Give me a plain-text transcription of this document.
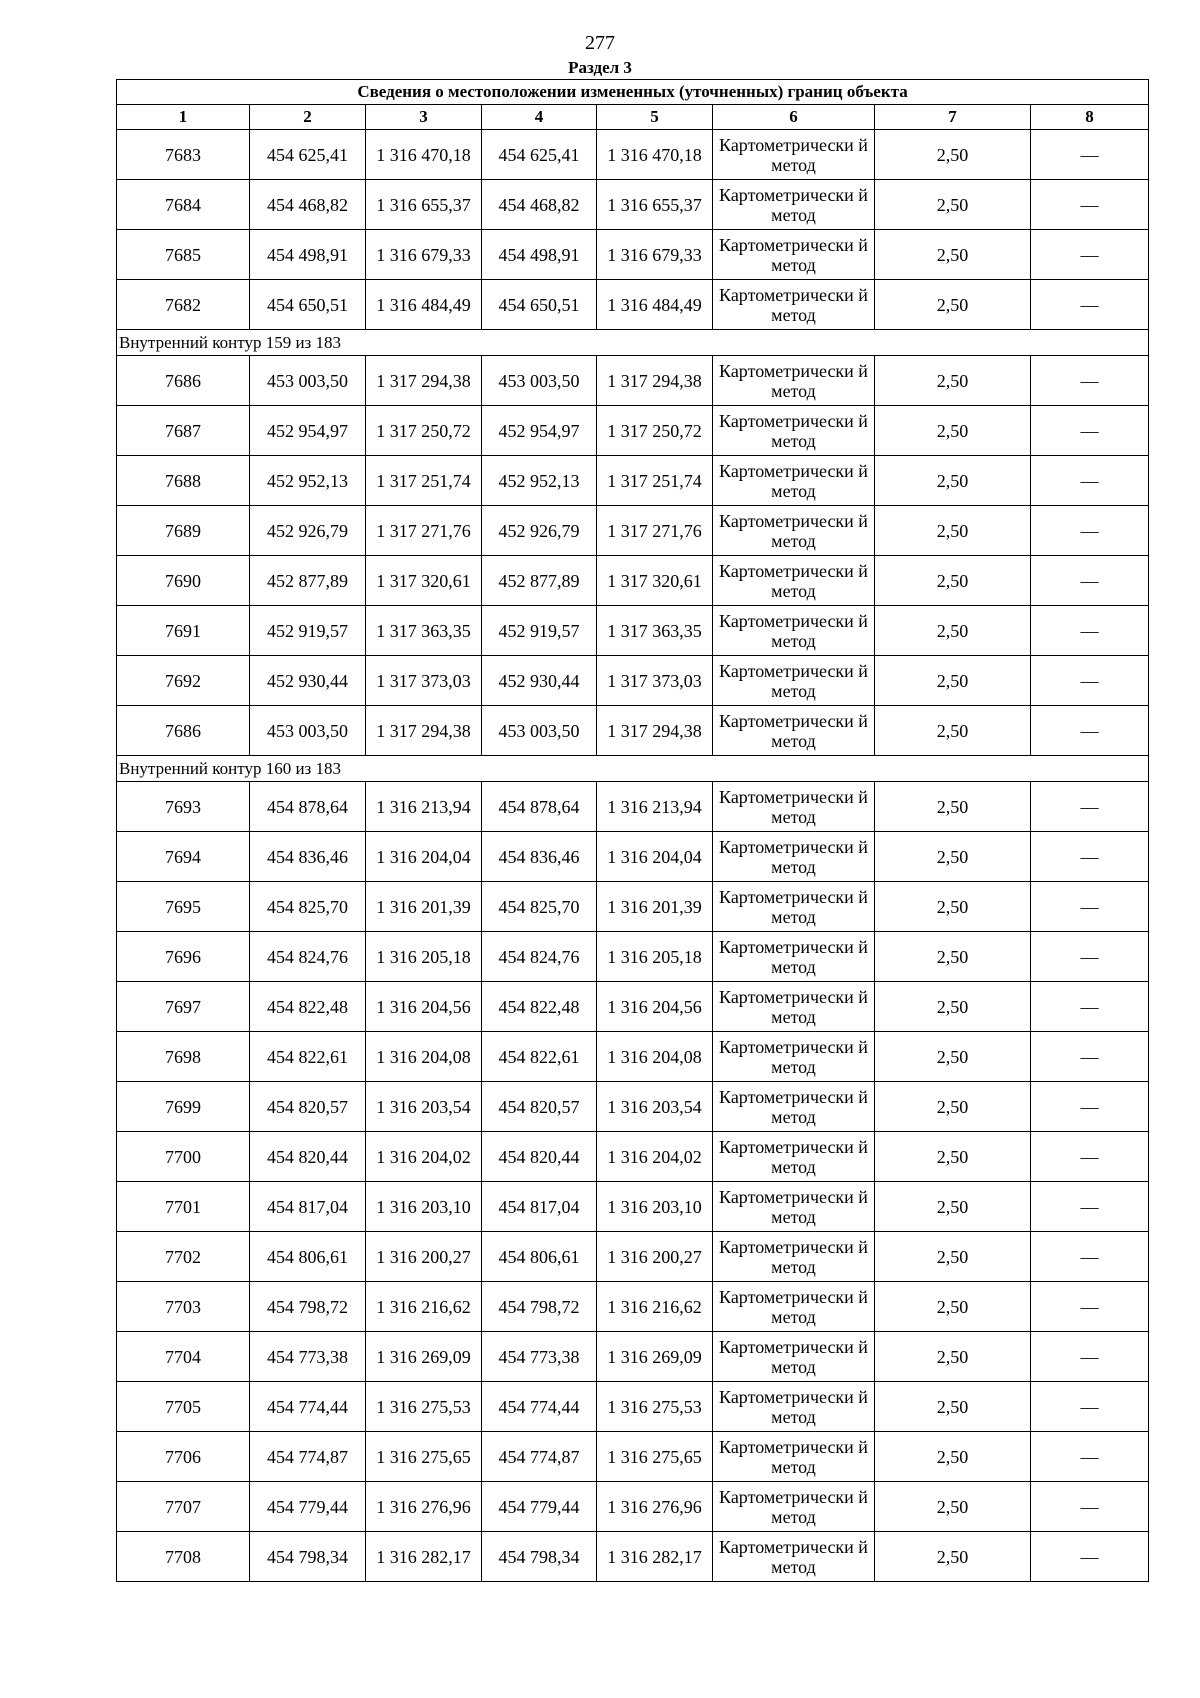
277
Раздел 3
Сведения о местоположении измененных (уточненных) границ объекта							
1	2	3	4	5	6	7	8
7683	454 625,41	1 316 470,18	454 625,41	1 316 470,18	Картометрически й метод	2,50	—
7684	454 468,82	1 316 655,37	454 468,82	1 316 655,37	Картометрически й метод	2,50	—
7685	454 498,91	1 316 679,33	454 498,91	1 316 679,33	Картометрически й метод	2,50	—
7682	454 650,51	1 316 484,49	454 650,51	1 316 484,49	Картометрически й метод	2,50	—
Внутренний контур 159 из 183							
7686	453 003,50	1 317 294,38	453 003,50	1 317 294,38	Картометрически й метод	2,50	—
7687	452 954,97	1 317 250,72	452 954,97	1 317 250,72	Картометрически й метод	2,50	—
7688	452 952,13	1 317 251,74	452 952,13	1 317 251,74	Картометрически й метод	2,50	—
7689	452 926,79	1 317 271,76	452 926,79	1 317 271,76	Картометрически й метод	2,50	—
7690	452 877,89	1 317 320,61	452 877,89	1 317 320,61	Картометрически й метод	2,50	—
7691	452 919,57	1 317 363,35	452 919,57	1 317 363,35	Картометрически й метод	2,50	—
7692	452 930,44	1 317 373,03	452 930,44	1 317 373,03	Картометрически й метод	2,50	—
7686	453 003,50	1 317 294,38	453 003,50	1 317 294,38	Картометрически й метод	2,50	—
Внутренний контур 160 из 183							
7693	454 878,64	1 316 213,94	454 878,64	1 316 213,94	Картометрически й метод	2,50	—
7694	454 836,46	1 316 204,04	454 836,46	1 316 204,04	Картометрически й метод	2,50	—
7695	454 825,70	1 316 201,39	454 825,70	1 316 201,39	Картометрически й метод	2,50	—
7696	454 824,76	1 316 205,18	454 824,76	1 316 205,18	Картометрически й метод	2,50	—
7697	454 822,48	1 316 204,56	454 822,48	1 316 204,56	Картометрически й метод	2,50	—
7698	454 822,61	1 316 204,08	454 822,61	1 316 204,08	Картометрически й метод	2,50	—
7699	454 820,57	1 316 203,54	454 820,57	1 316 203,54	Картометрически й метод	2,50	—
7700	454 820,44	1 316 204,02	454 820,44	1 316 204,02	Картометрически й метод	2,50	—
7701	454 817,04	1 316 203,10	454 817,04	1 316 203,10	Картометрически й метод	2,50	—
7702	454 806,61	1 316 200,27	454 806,61	1 316 200,27	Картометрически й метод	2,50	—
7703	454 798,72	1 316 216,62	454 798,72	1 316 216,62	Картометрически й метод	2,50	—
7704	454 773,38	1 316 269,09	454 773,38	1 316 269,09	Картометрически й метод	2,50	—
7705	454 774,44	1 316 275,53	454 774,44	1 316 275,53	Картометрически й метод	2,50	—
7706	454 774,87	1 316 275,65	454 774,87	1 316 275,65	Картометрически й метод	2,50	—
7707	454 779,44	1 316 276,96	454 779,44	1 316 276,96	Картометрически й метод	2,50	—
7708	454 798,34	1 316 282,17	454 798,34	1 316 282,17	Картометрически й метод	2,50	—
